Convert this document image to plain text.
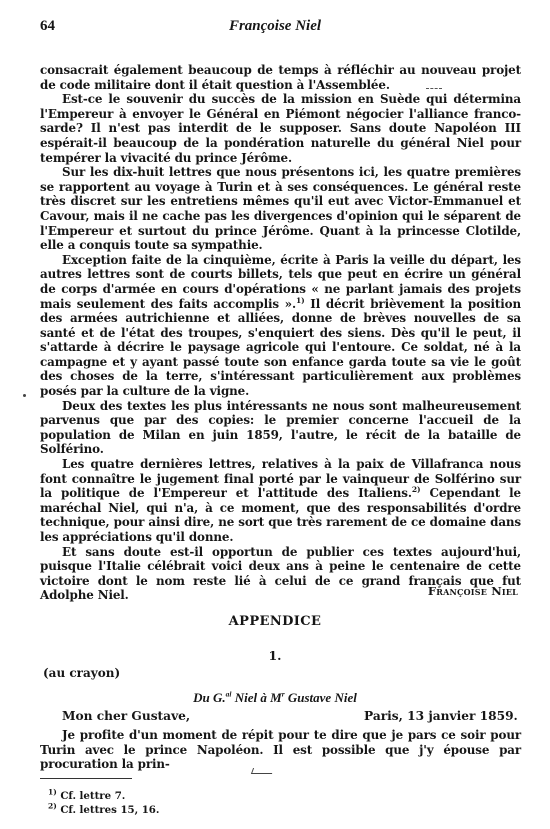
64	Françoise Niel

consacrait également beaucoup de temps à réfléchir au nouveau projet de code militaire dont il était question à l'Assemblée.

Est-ce le souvenir du succès de la mission en Suède qui détermina l'Empereur à envoyer le Général en Piémont négocier l'alliance franco-sarde? Il n'est pas interdit de le supposer. Sans doute Napoléon III espérait-il beaucoup de la pondération naturelle du général Niel pour tempérer la vivacité du prince Jérôme.

Sur les dix-huit lettres que nous présentons ici, les quatre premières se rapportent au voyage à Turin et à ses conséquences. Le général reste très discret sur les entretiens mêmes qu'il eut avec Victor-Emmanuel et Cavour, mais il ne cache pas les divergences d'opinion qui le séparent de l'Empereur et surtout du prince Jérôme. Quant à la princesse Clotilde, elle a conquis toute sa sympathie.

Exception faite de la cinquième, écrite à Paris la veille du départ, les autres lettres sont de courts billets, tels que peut en écrire un général de corps d'armée en cours d'opérations « ne parlant jamais des projets mais seulement des faits accomplis ».$^{1)}$ Il décrit brièvement la position des armées autrichienne et alliées, donne de brèves nouvelles de sa santé et de l'état des troupes, s'enquiert des siens. Dès qu'il le peut, il s'attarde à décrire le paysage agricole qui l'entoure. Ce soldat, né à la campagne et y ayant passé toute son enfance garda toute sa vie le goût des choses de la terre, s'intéressant particulièrement aux problèmes posés par la culture de la vigne.

Deux des textes les plus intéressants ne nous sont malheureusement parvenus que par des copies: le premier concerne l'accueil de la population de Milan en juin 1859, l'autre, le récit de la bataille de Solférino.

Les quatre dernières lettres, relatives à la paix de Villafranca nous font connaître le jugement final porté par le vainqueur de Solférino sur la politique de l'Empereur et l'attitude des Italiens.$^{2)}$ Cependant le maréchal Niel, qui n'a, à ce moment, que des responsabilités d'ordre technique, pour ainsi dire, ne sort que très rarement de ce domaine dans les appréciations qu'il donne.

Et sans doute est-il opportun de publier ces textes aujourd'hui, puisque l'Italie célébrait voici deux ans à peine le centenaire de cette victoire dont le nom reste lié à celui de ce grand français que fut Adolphe Niel.	Françoise Niel
APPENDICE
1.
(au crayon)
Du G.$^{al}$ Niel à $M^r$ Gustave Niel
Mon cher Gustave,	Paris, 13 janvier 1859.

Je profite d'un moment de répit pour te dire que je pars ce soir pour Turin avec le prince Napoléon. Il est possible que j'y épouse par procuration la prin-

$^{1)}$ Cf. lettre 7.
$^{2)}$ Cf. lettres 15, 16.
